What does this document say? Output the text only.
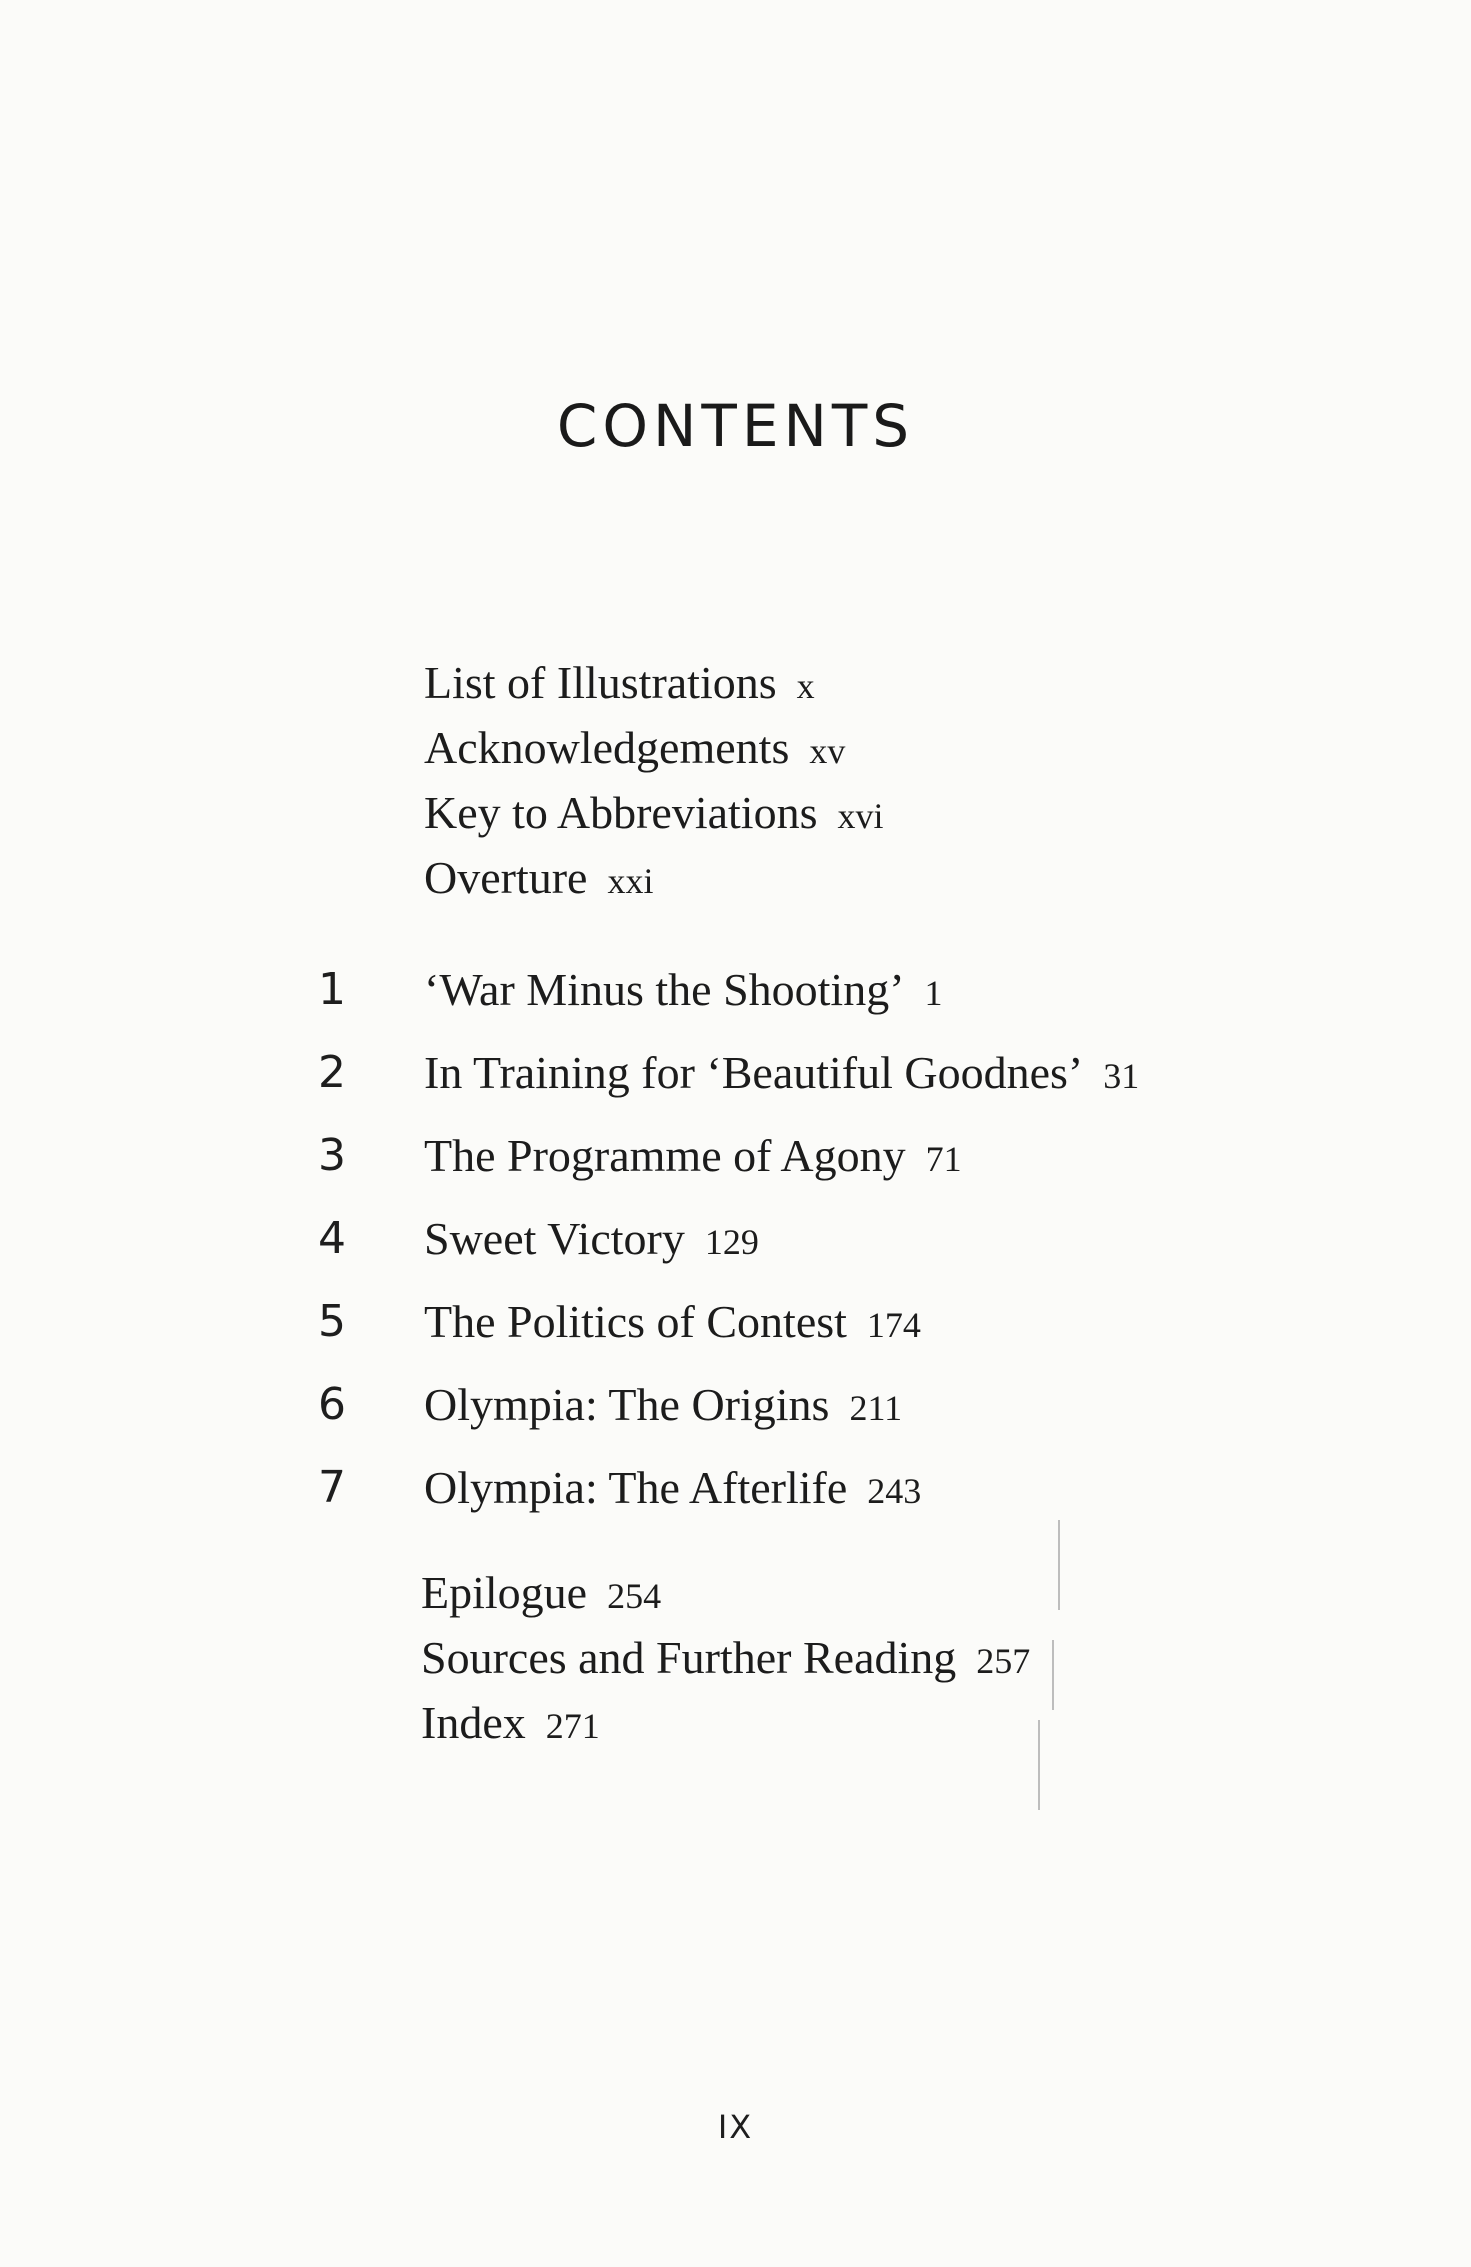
CONTENTS
List of Illustrations x
Acknowledgements xv
Key to Abbreviations xvi
Overture xxi
1	‘War Minus the Shooting’ 1
2	In Training for ‘Beautiful Goodnes’ 31
3	The Programme of Agony 71
4	Sweet Victory 129
5	The Politics of Contest 174
6	Olympia: The Origins 211
7	Olympia: The Afterlife 243
Epilogue 254
Sources and Further Reading 257
Index 271
IX
